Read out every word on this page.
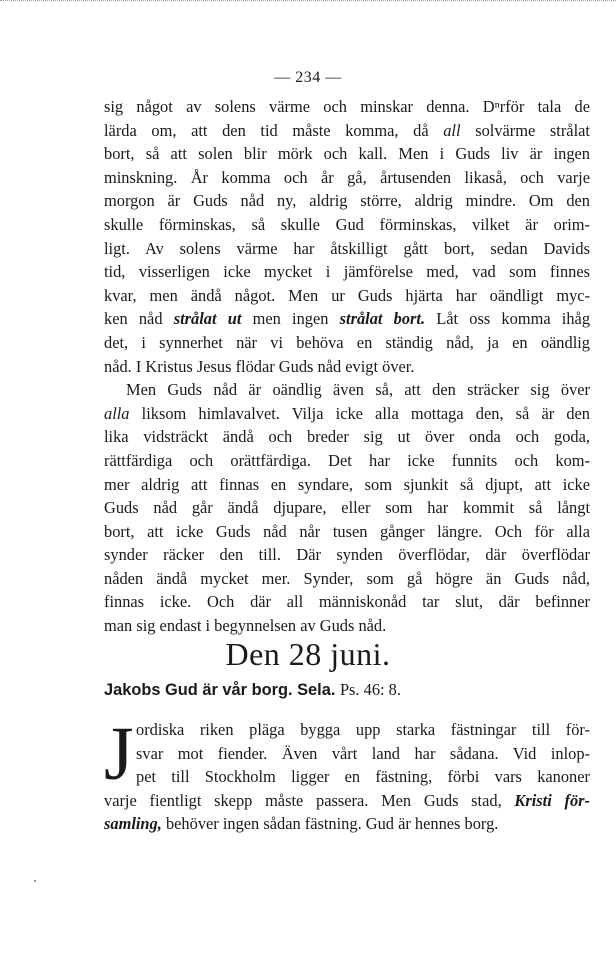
— 234 —

sig något av solens värme och minskar denna. Dⁿrför tala de
lärda om, att den tid måste komma, då all solvärme strålat
bort, så att solen blir mörk och kall. Men i Guds liv är ingen
minskning. År komma och år gå, årtusenden likaså, och varje
morgon är Guds nåd ny, aldrig större, aldrig mindre. Om den
skulle förminskas, så skulle Gud förminskas, vilket är orim-
ligt. Av solens värme har åtskilligt gått bort, sedan Davids
tid, visserligen icke mycket i jämförelse med, vad som finnes
kvar, men ändå något. Men ur Guds hjärta har oändligt myc-
ken nåd strålat ut men ingen strålat bort. Låt oss komma ihåg
det, i synnerhet när vi behöva en ständig nåd, ja en oändlig
nåd. I Kristus Jesus flödar Guds nåd evigt över.

Men Guds nåd är oändlig även så, att den sträcker sig över
alla liksom himlavalvet. Vilja icke alla mottaga den, så är den
lika vidsträckt ändå och breder sig ut över onda och goda,
rättfärdiga och orättfärdiga. Det har icke funnits och kom-
mer aldrig att finnas en syndare, som sjunkit så djupt, att icke
Guds nåd går ändå djupare, eller som har kommit så långt
bort, att icke Guds nåd når tusen gånger längre. Och för alla
synder räcker den till. Där synden överflödar, där överflödar
nåden ändå mycket mer. Synder, som gå högre än Guds nåd,
finnas icke. Och där all människonåd tar slut, där befinner
man sig endast i begynnelsen av Guds nåd.

Den 28 juni.
Jakobs Gud är vår borg. Sela. Ps. 46: 8.
J ordiska riken pläga bygga upp starka fästningar till för-
svar mot fiender. Även vårt land har sådana. Vid inlop-
pet till Stockholm ligger en fästning, förbi vars kanoner
varje fientligt skepp måste passera. Men Guds stad, Kristi för-
samling, behöver ingen sådan fästning. Gud är hennes borg.
